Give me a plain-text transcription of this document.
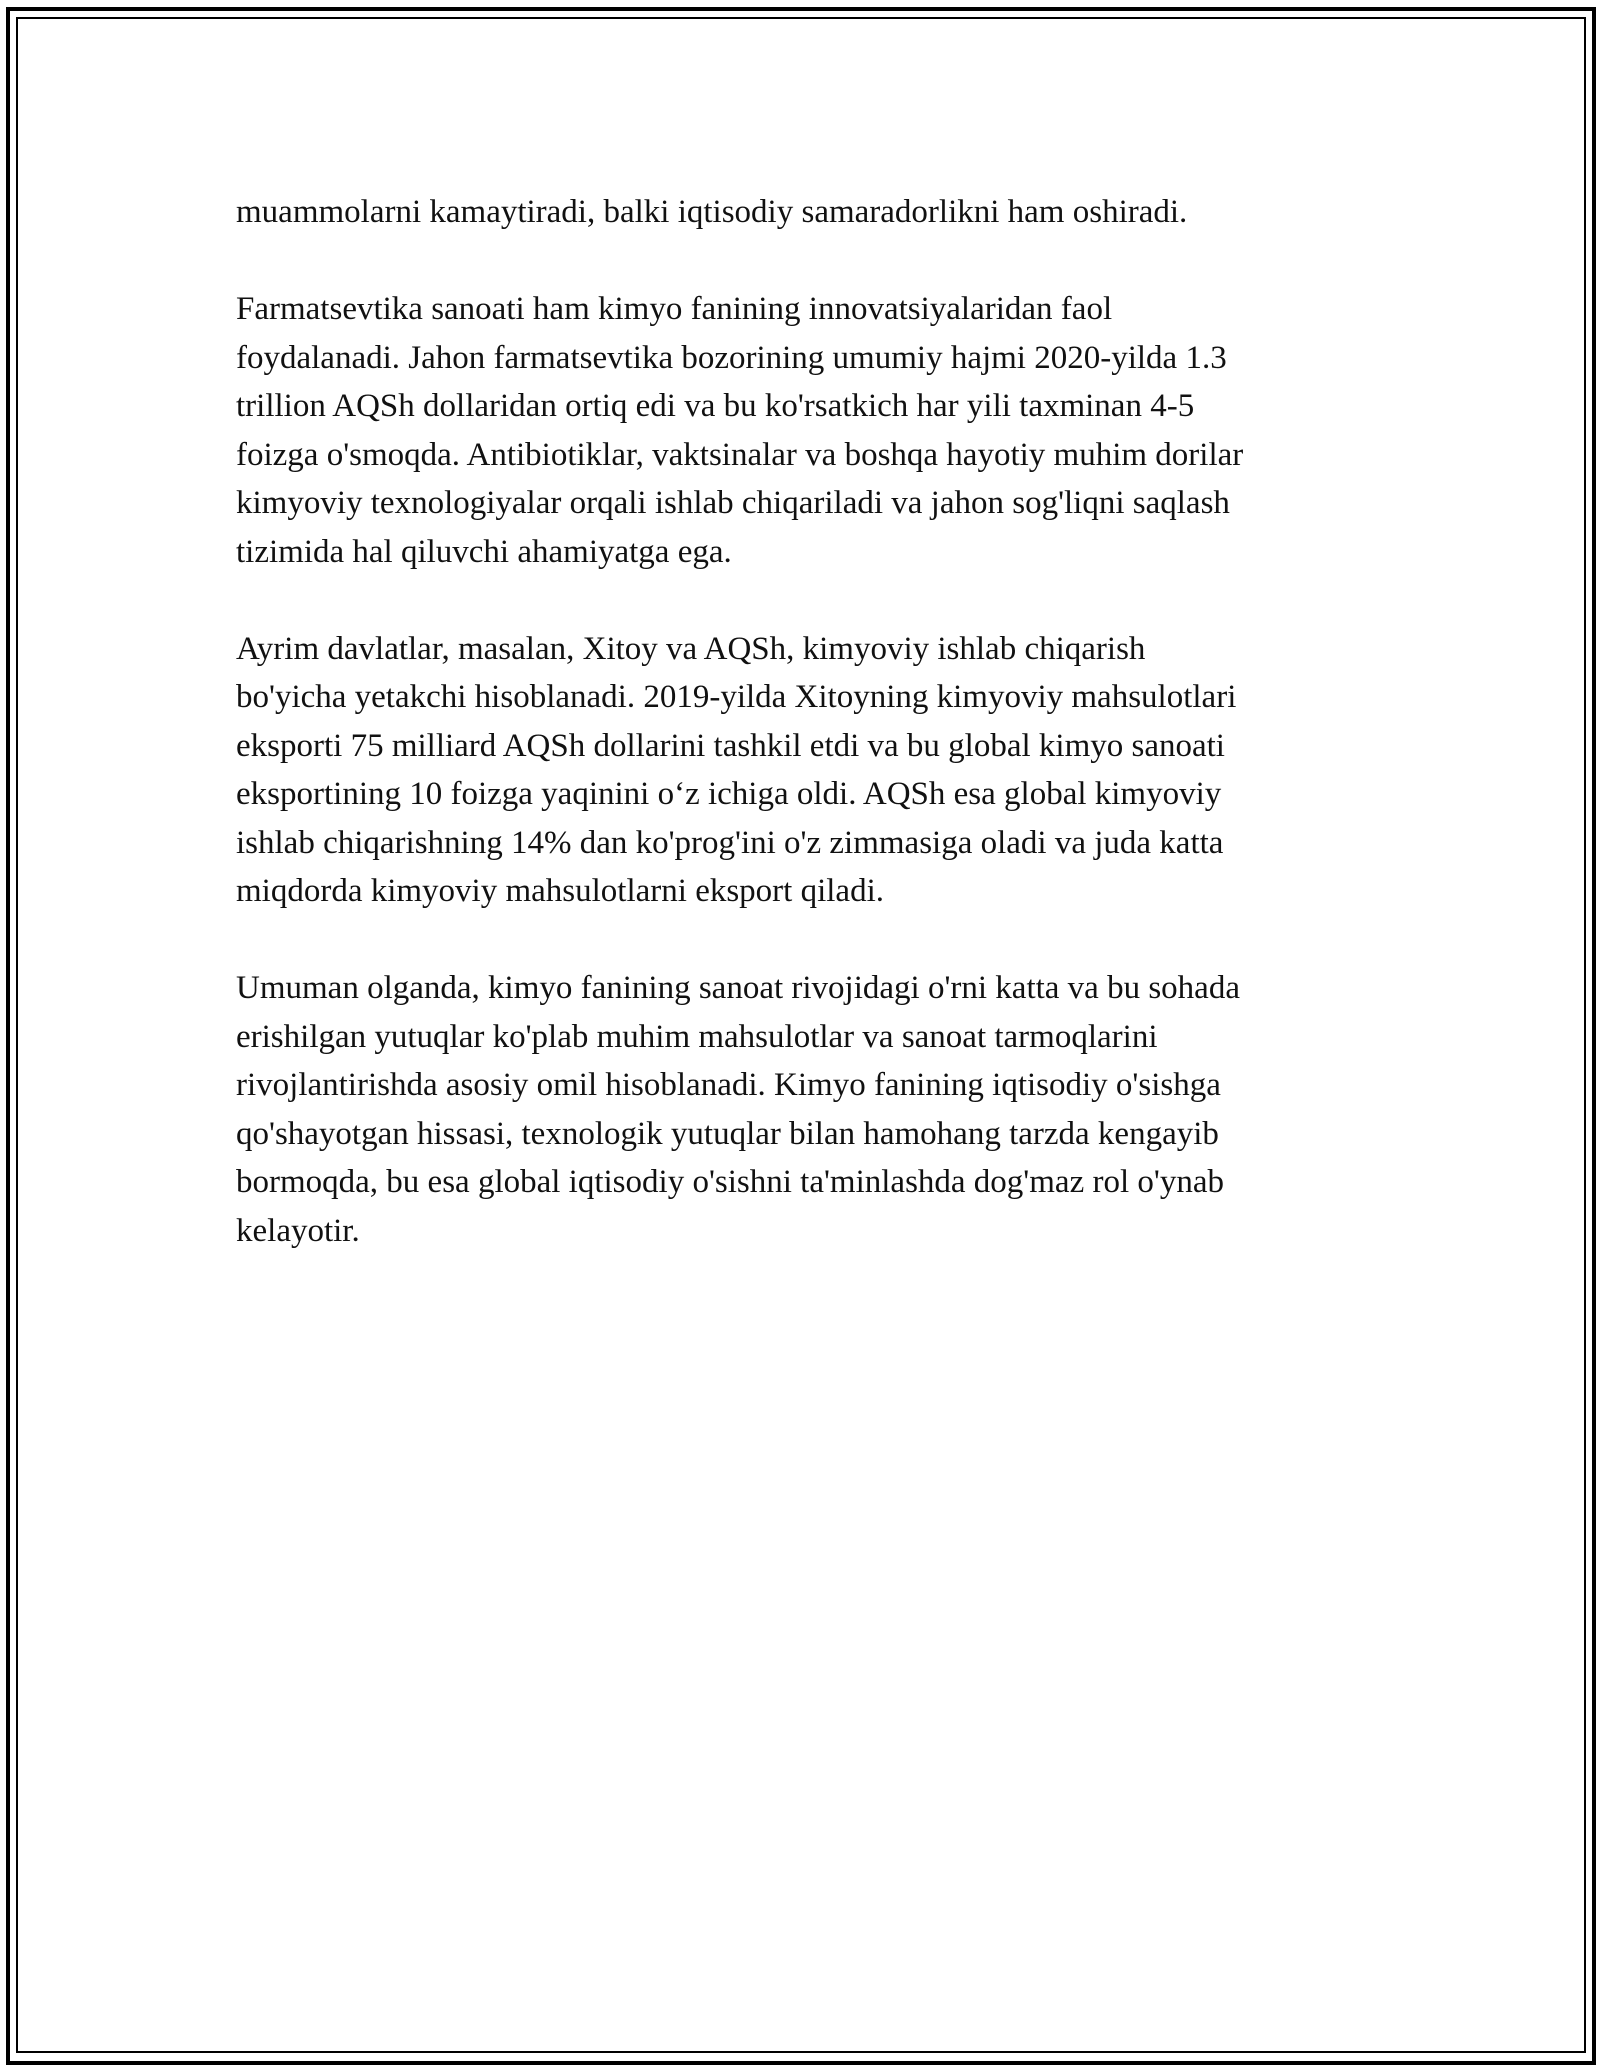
muammolarni kamaytiradi, balki iqtisodiy samaradorlikni ham oshiradi.

Farmatsevtika sanoati ham kimyo fanining innovatsiyalaridan faol
foydalanadi. Jahon farmatsevtika bozorining umumiy hajmi 2020-yilda 1.3
trillion AQSh dollaridan ortiq edi va bu ko'rsatkich har yili taxminan 4-5
foizga o'smoqda. Antibiotiklar, vaktsinalar va boshqa hayotiy muhim dorilar
kimyoviy texnologiyalar orqali ishlab chiqariladi va jahon sog'liqni saqlash
tizimida hal qiluvchi ahamiyatga ega.

Ayrim davlatlar, masalan, Xitoy va AQSh, kimyoviy ishlab chiqarish
bo'yicha yetakchi hisoblanadi. 2019-yilda Xitoyning kimyoviy mahsulotlari
eksporti 75 milliard AQSh dollarini tashkil etdi va bu global kimyo sanoati
eksportining 10 foizga yaqinini o‘z ichiga oldi. AQSh esa global kimyoviy
ishlab chiqarishning 14% dan ko'prog'ini o'z zimmasiga oladi va juda katta
miqdorda kimyoviy mahsulotlarni eksport qiladi.

Umuman olganda, kimyo fanining sanoat rivojidagi o'rni katta va bu sohada
erishilgan yutuqlar ko'plab muhim mahsulotlar va sanoat tarmoqlarini
rivojlantirishda asosiy omil hisoblanadi. Kimyo fanining iqtisodiy o'sishga
qo'shayotgan hissasi, texnologik yutuqlar bilan hamohang tarzda kengayib
bormoqda, bu esa global iqtisodiy o'sishni ta'minlashda dog'maz rol o'ynab
kelayotir.
